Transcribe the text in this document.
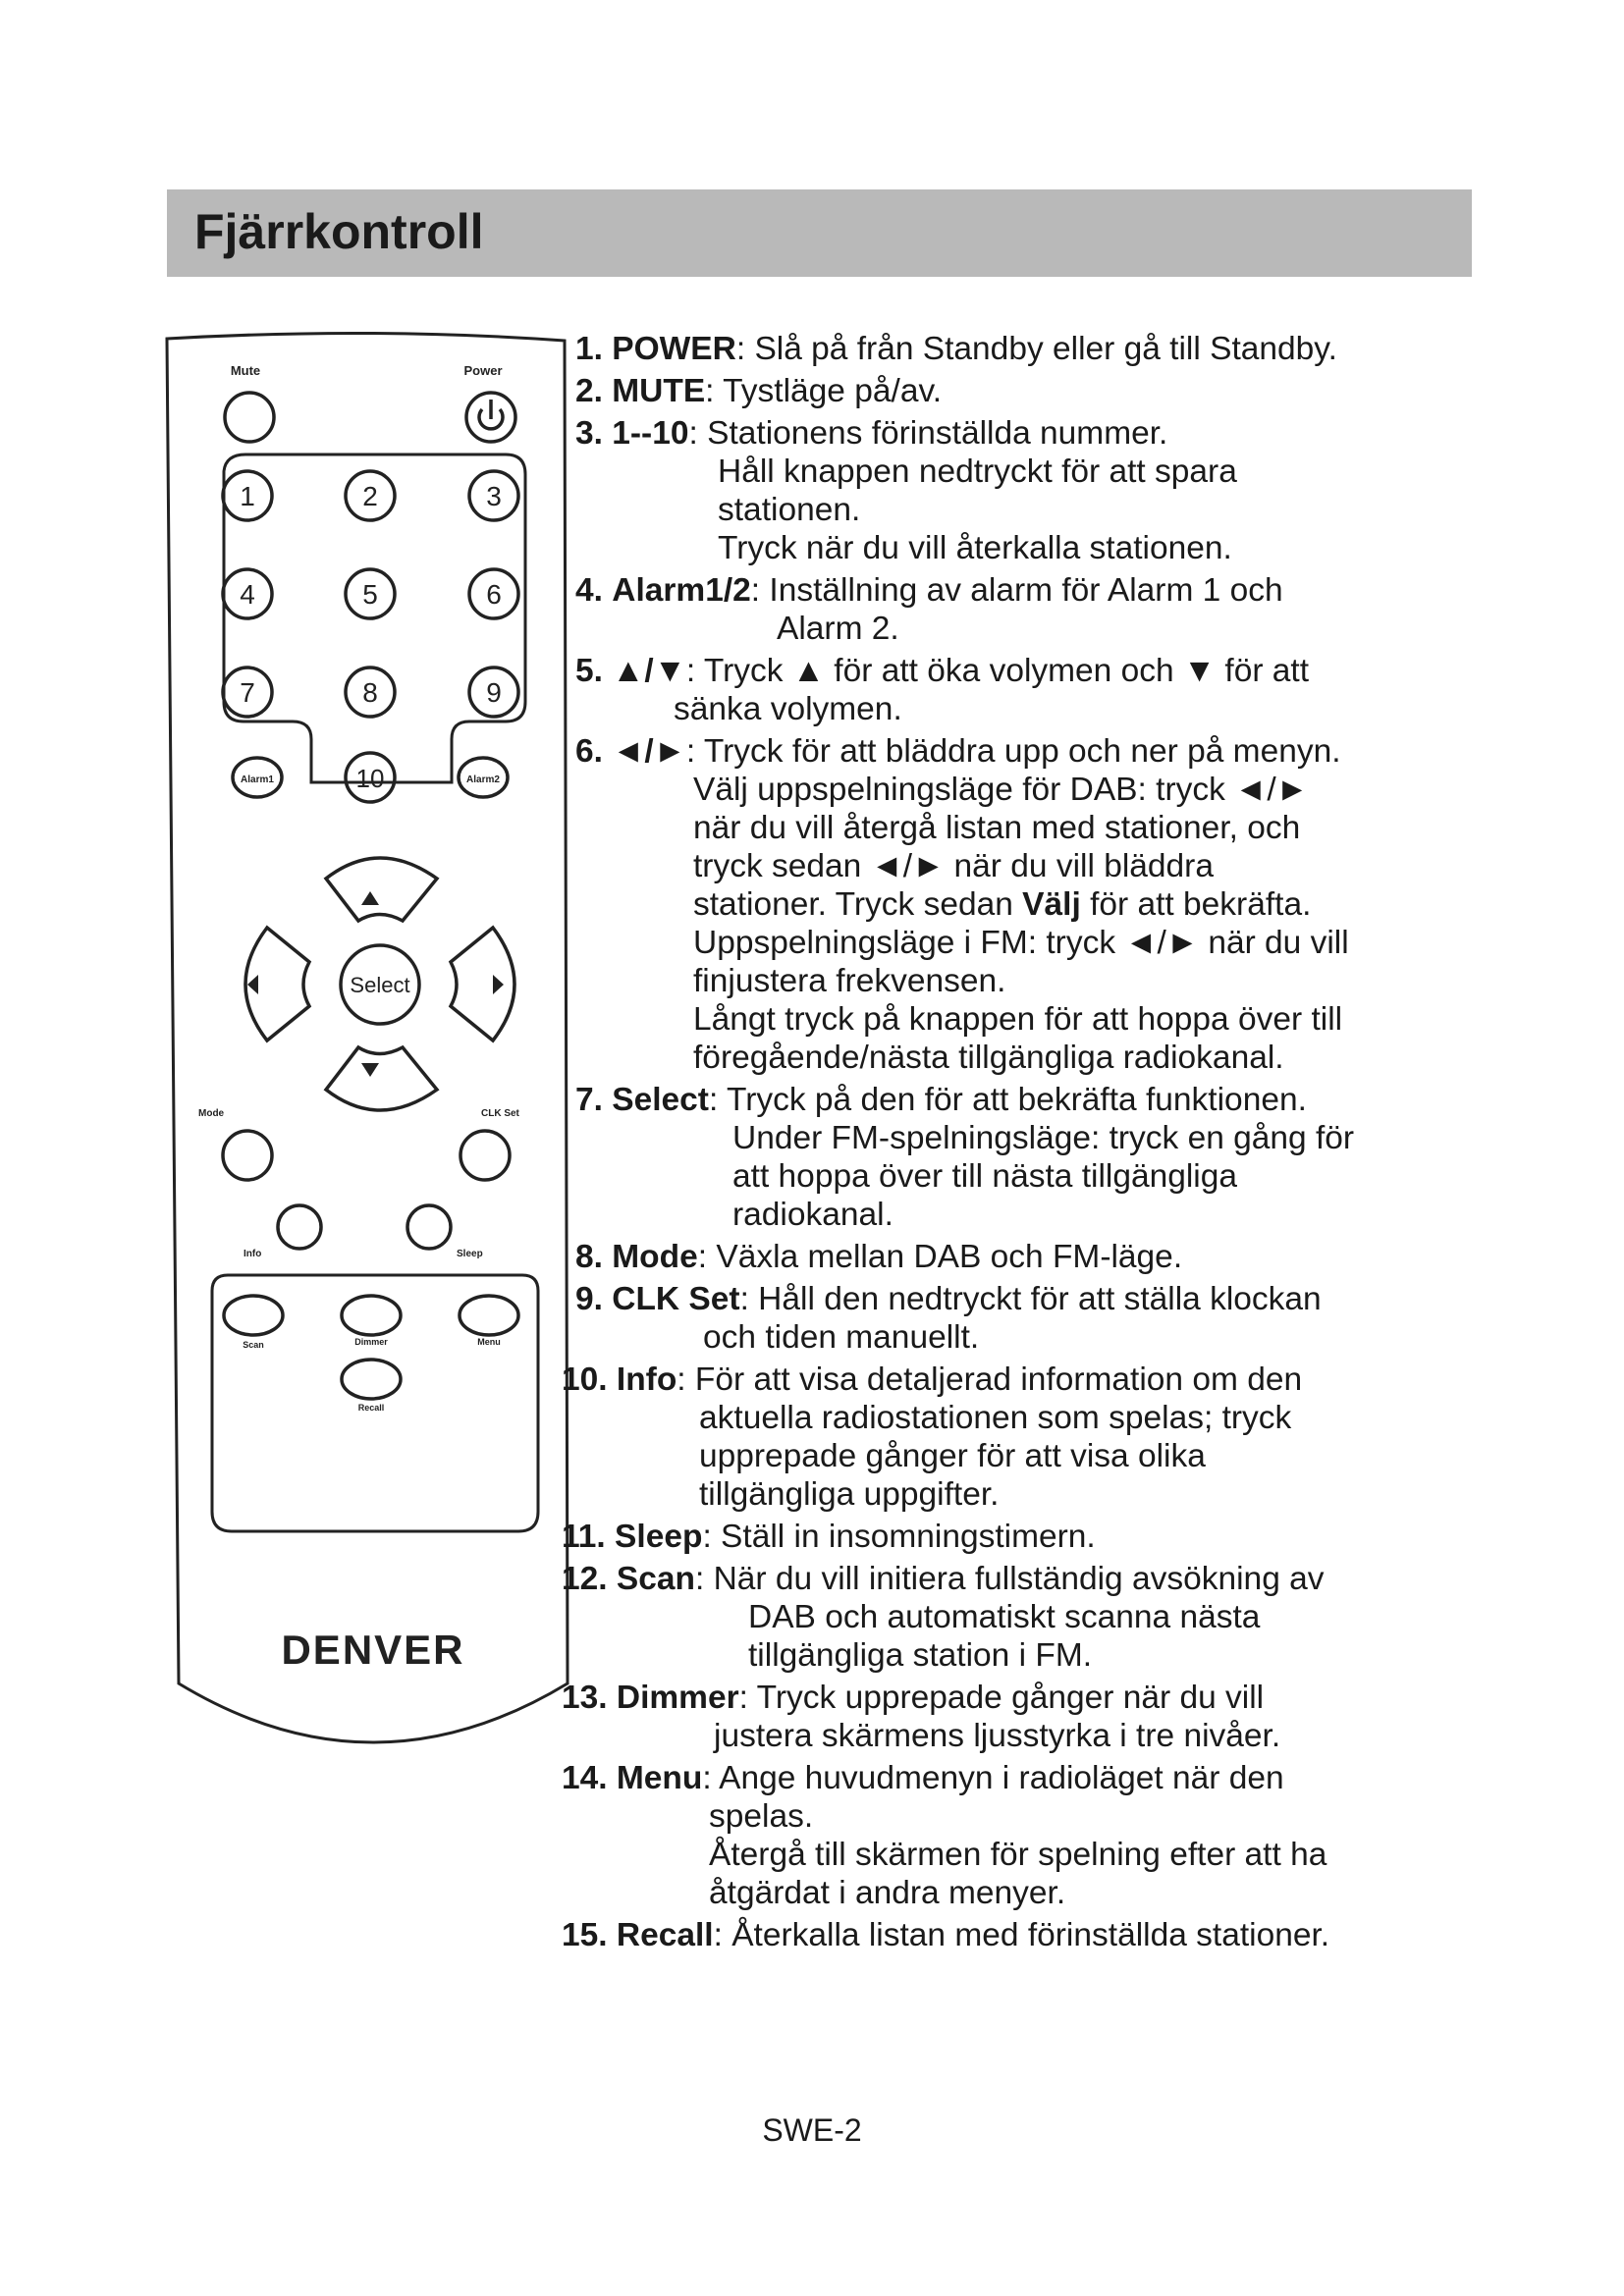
Fjärrkontroll
Mute	Power
Alarm1	Alarm2
Mode	CLK Set
Info	Sleep
Scan	Dimmer	Menu
Recall
1	2	3
4	5	6
7	8	9
10
Select
DENVER
1. POWER: Slå på från Standby eller gå till Standby.
2. MUTE: Tystläge på/av.
3. 1--10: Stationens förinställda nummer.
Håll knappen nedtryckt för att spara
stationen.
Tryck när du vill återkalla stationen.
4. Alarm1/2: Inställning av alarm för Alarm 1 och
Alarm 2.
5. ▲/▼: Tryck ▲ för att öka volymen och ▼ för att
sänka volymen.
6. ◄/►: Tryck för att bläddra upp och ner på menyn.
Välj uppspelningsläge för DAB: tryck ◄/►
när du vill återgå listan med stationer, och
tryck sedan ◄/► när du vill bläddra
stationer. Tryck sedan Välj för att bekräfta.
Uppspelningsläge i FM: tryck ◄/► när du vill
finjustera frekvensen.
Långt tryck på knappen för att hoppa över till
föregående/nästa tillgängliga radiokanal.
7. Select: Tryck på den för att bekräfta funktionen.
Under FM-spelningsläge: tryck en gång för
att hoppa över till nästa tillgängliga
radiokanal.
8. Mode: Växla mellan DAB och FM-läge.
9. CLK Set: Håll den nedtryckt för att ställa klockan
och tiden manuellt.
10. Info: För att visa detaljerad information om den
aktuella radiostationen som spelas; tryck
upprepade gånger för att visa olika
tillgängliga uppgifter.
11. Sleep: Ställ in insomningstimern.
12. Scan: När du vill initiera fullständig avsökning av
DAB och automatiskt scanna nästa
tillgängliga station i FM.
13. Dimmer: Tryck upprepade gånger när du vill
justera skärmens ljusstyrka i tre nivåer.
14. Menu: Ange huvudmenyn i radioläget när den
spelas.
Återgå till skärmen för spelning efter att ha
åtgärdat i andra menyer.
15. Recall: Återkalla listan med förinställda stationer.
SWE-2
